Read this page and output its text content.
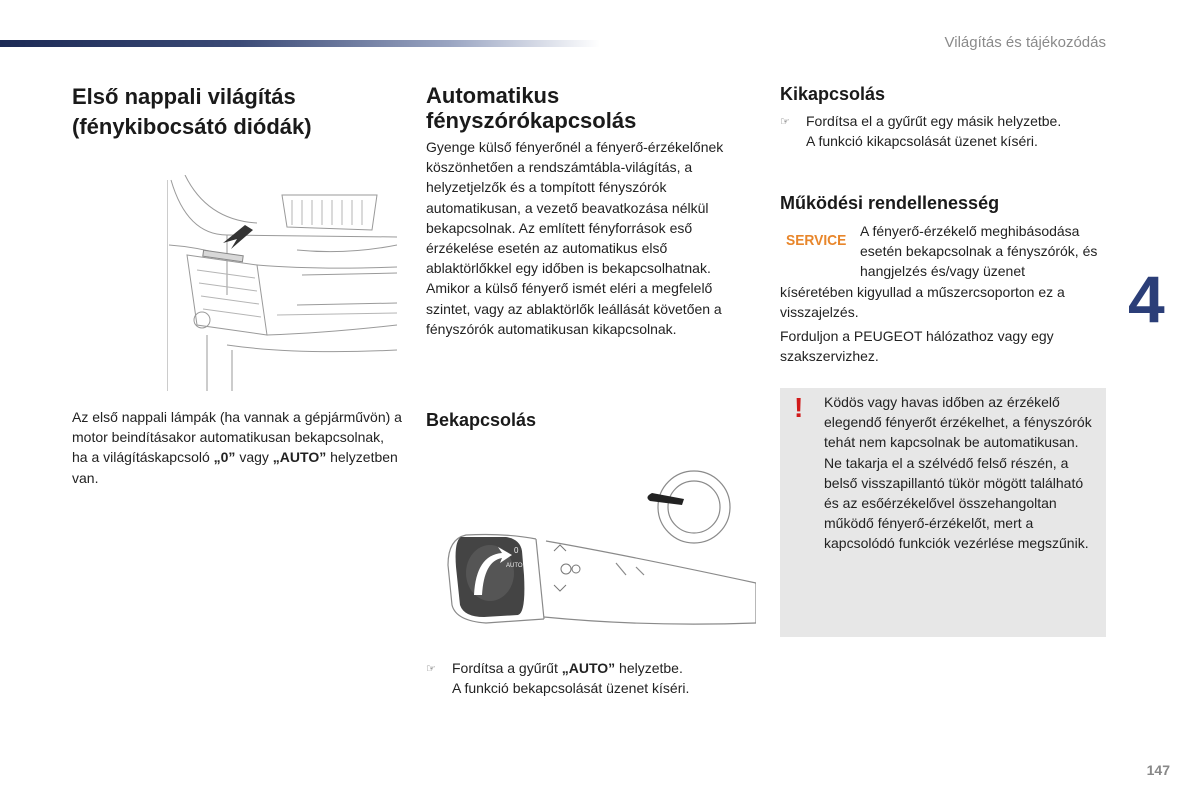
Világítás és tájékozódás
4
147
Első nappali világítás
(fénykibocsátó diódák)
Az első nappali lámpák (ha vannak a gépjárművön) a motor beindításakor automatikusan bekapcsolnak, ha a világításkapcsoló „0” vagy „AUTO” helyzetben van.
Automatikus
fényszórókapcsolás
Gyenge külső fényerőnél a fényerő-érzékelőnek köszönhetően a rendszámtábla-világítás, a helyzetjelzők és a tompított fényszórók automatikusan, a vezető beavatkozása nélkül bekapcsolnak. Az említett fényforrások eső érzékelése esetén az automatikus első ablaktörlőkkel egy időben is bekapcsolhatnak.
Amikor a külső fényerő ismét eléri a megfelelő szintet, vagy az ablaktörlők leállását követően a fényszórók automatikusan kikapcsolnak.
Bekapcsolás
0
AUTO
☞	Fordítsa a gyűrűt „AUTO” helyzetbe.
A funkció bekapcsolását üzenet kíséri.
Kikapcsolás
☞	Fordítsa el a gyűrűt egy másik helyzetbe.
A funkció kikapcsolását üzenet kíséri.
Működési rendellenesség
SERVICE
A fényerő-érzékelő meghibásodása esetén bekapcsolnak a fényszórók, és hangjelzés és/vagy üzenet
kíséretében kigyullad a műszercsoporton ez a visszajelzés.
Forduljon a PEUGEOT hálózathoz vagy egy szakszervizhez.
! Ködös vagy havas időben az érzékelő elegendő fényerőt érzékelhet, a fényszórók tehát nem kapcsolnak be automatikusan.
Ne takarja el a szélvédő felső részén, a belső visszapillantó tükör mögött található és az esőérzékelővel összehangoltan működő fényerő-érzékelőt, mert a kapcsolódó funkciók vezérlése megszűnik.
